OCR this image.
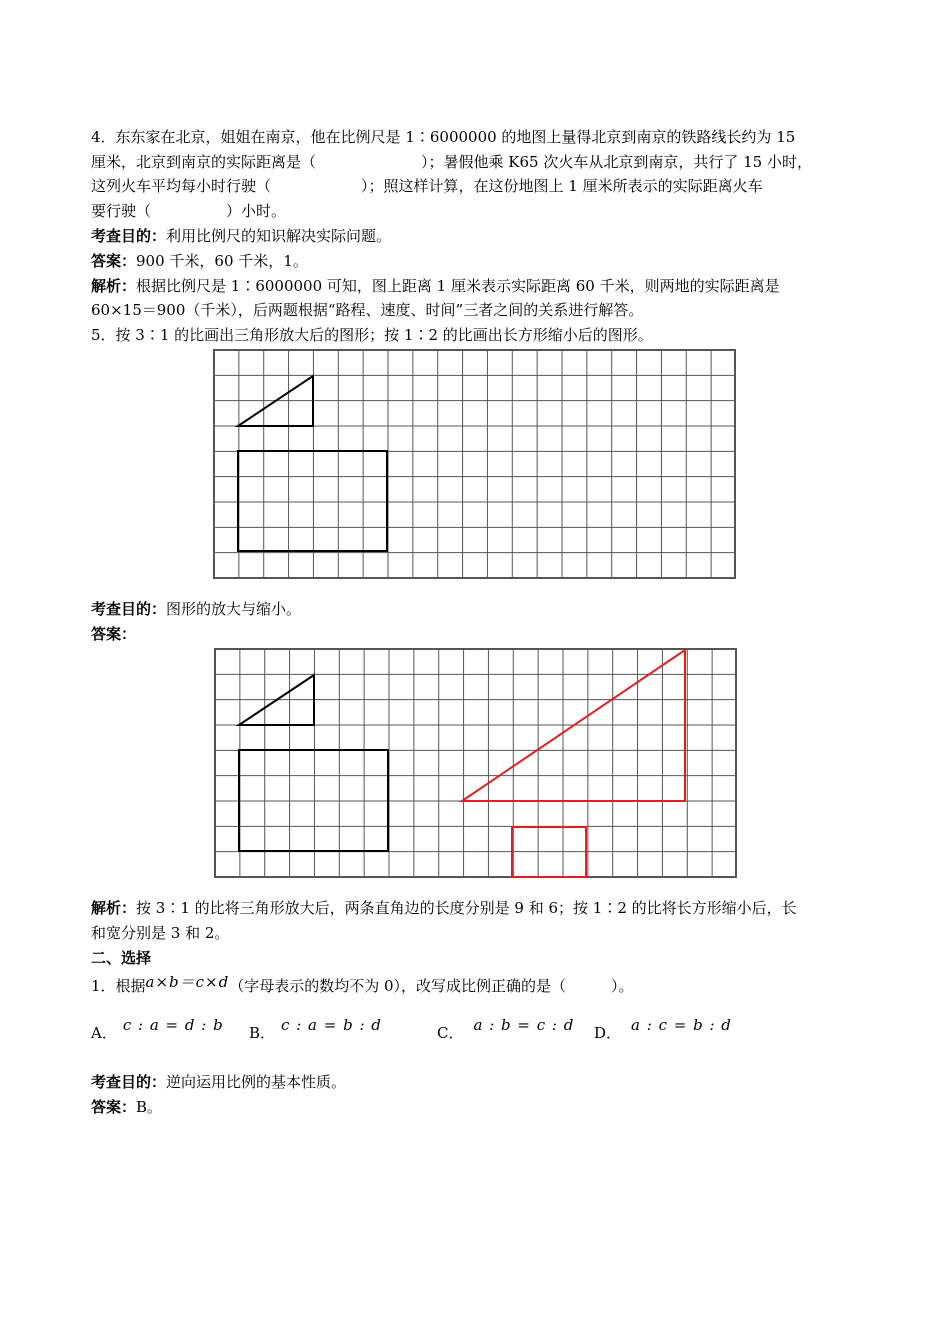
4．东东家在北京，姐姐在南京，他在比例尺是 1∶6000000 的地图上量得北京到南京的铁路线长约为 15
厘米，北京到南京的实际距离是（　　　　　　　）；暑假他乘 K65 次火车从北京到南京，共行了 15 小时，
这列火车平均每小时行驶（　　　　　　）；照这样计算，在这份地图上 1 厘米所表示的实际距离火车
要行驶（　　　　　）小时。
考查目的：利用比例尺的知识解决实际问题。
答案：900 千米，60 千米，1。
解析：根据比例尺是 1∶6000000 可知，图上距离 1 厘米表示实际距离 60 千米，则两地的实际距离是
60×15＝900（千米），后两题根据“路程、速度、时间”三者之间的关系进行解答。
5．按 3∶1 的比画出三角形放大后的图形；按 1∶2 的比画出长方形缩小后的图形。
考查目的：图形的放大与缩小。
答案：
解析：按 3∶1 的比将三角形放大后，两条直角边的长度分别是 9 和 6；按 1∶2 的比将长方形缩小后，长
和宽分别是 3 和 2。
二、选择
1．根据a×b＝c×d（字母表示的数均不为 0），改写成比例正确的是（　　　）。
A． c : a = d : b B． c : a = b : d	C． a : b = c : d D． a : c = b : d
考查目的：逆向运用比例的基本性质。
答案：B。
